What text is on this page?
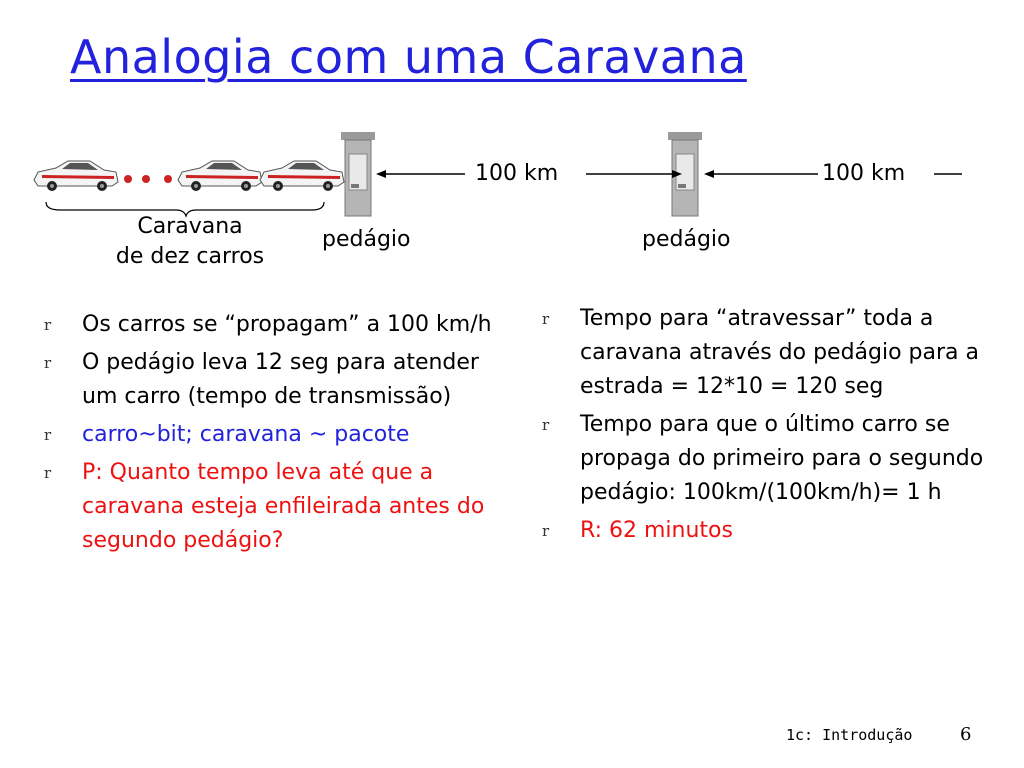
Analogia com uma Caravana
100 km	100 km
pedágio	pedágio
Caravana
de dez carros
r Os carros se “propagam” a 100 km/h
r O pedágio leva 12 seg para atender um carro (tempo de transmissão)
r carro~bit; caravana ~ pacote
r P: Quanto tempo leva até que a caravana esteja enfileirada antes do segundo pedágio?
r Tempo para “atravessar” toda a caravana através do pedágio para a estrada = 12*10 = 120 seg
r Tempo para que o último carro se propaga do primeiro para o segundo pedágio: 100km/(100km/h)= 1 h
r R: 62 minutos
1c: Introdução	6
